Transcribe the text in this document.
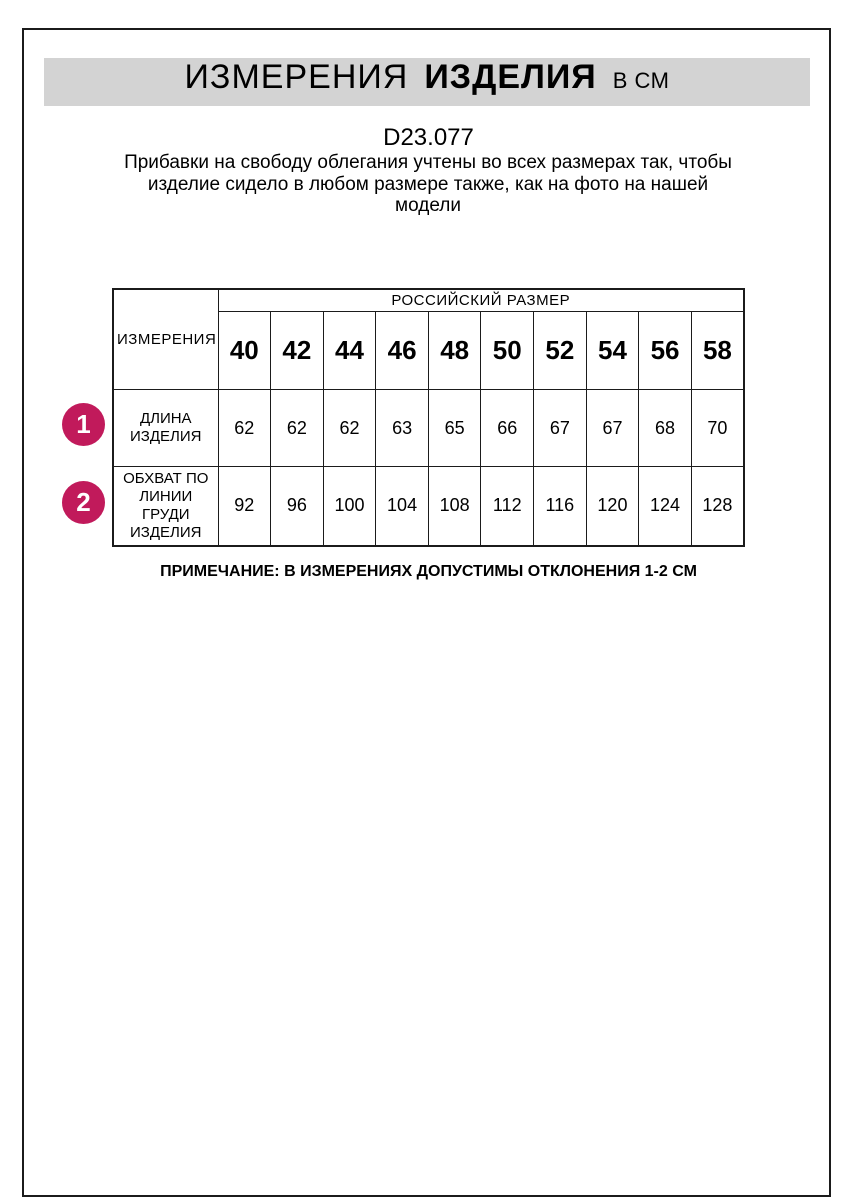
ИЗМЕРЕНИЯ ИЗДЕЛИЯ В СМ
D23.077
Прибавки на свободу облегания учтены во всех размерах так, чтобы
изделие сидело в любом размере также, как на фото на нашей
модели
ИЗМЕРЕНИЯ	РОССИЙСКИЙ РАЗМЕР									
	40	42	44	46	48	50	52	54	56	58
ДЛИНА ИЗДЕЛИЯ	62	62	62	63	65	66	67	67	68	70
ОБХВАТ ПО ЛИНИИ ГРУДИ ИЗДЕЛИЯ	92	96	100	104	108	112	116	120	124	128
1
2
ПРИМЕЧАНИЕ: В ИЗМЕРЕНИЯХ ДОПУСТИМЫ ОТКЛОНЕНИЯ 1-2 СМ
